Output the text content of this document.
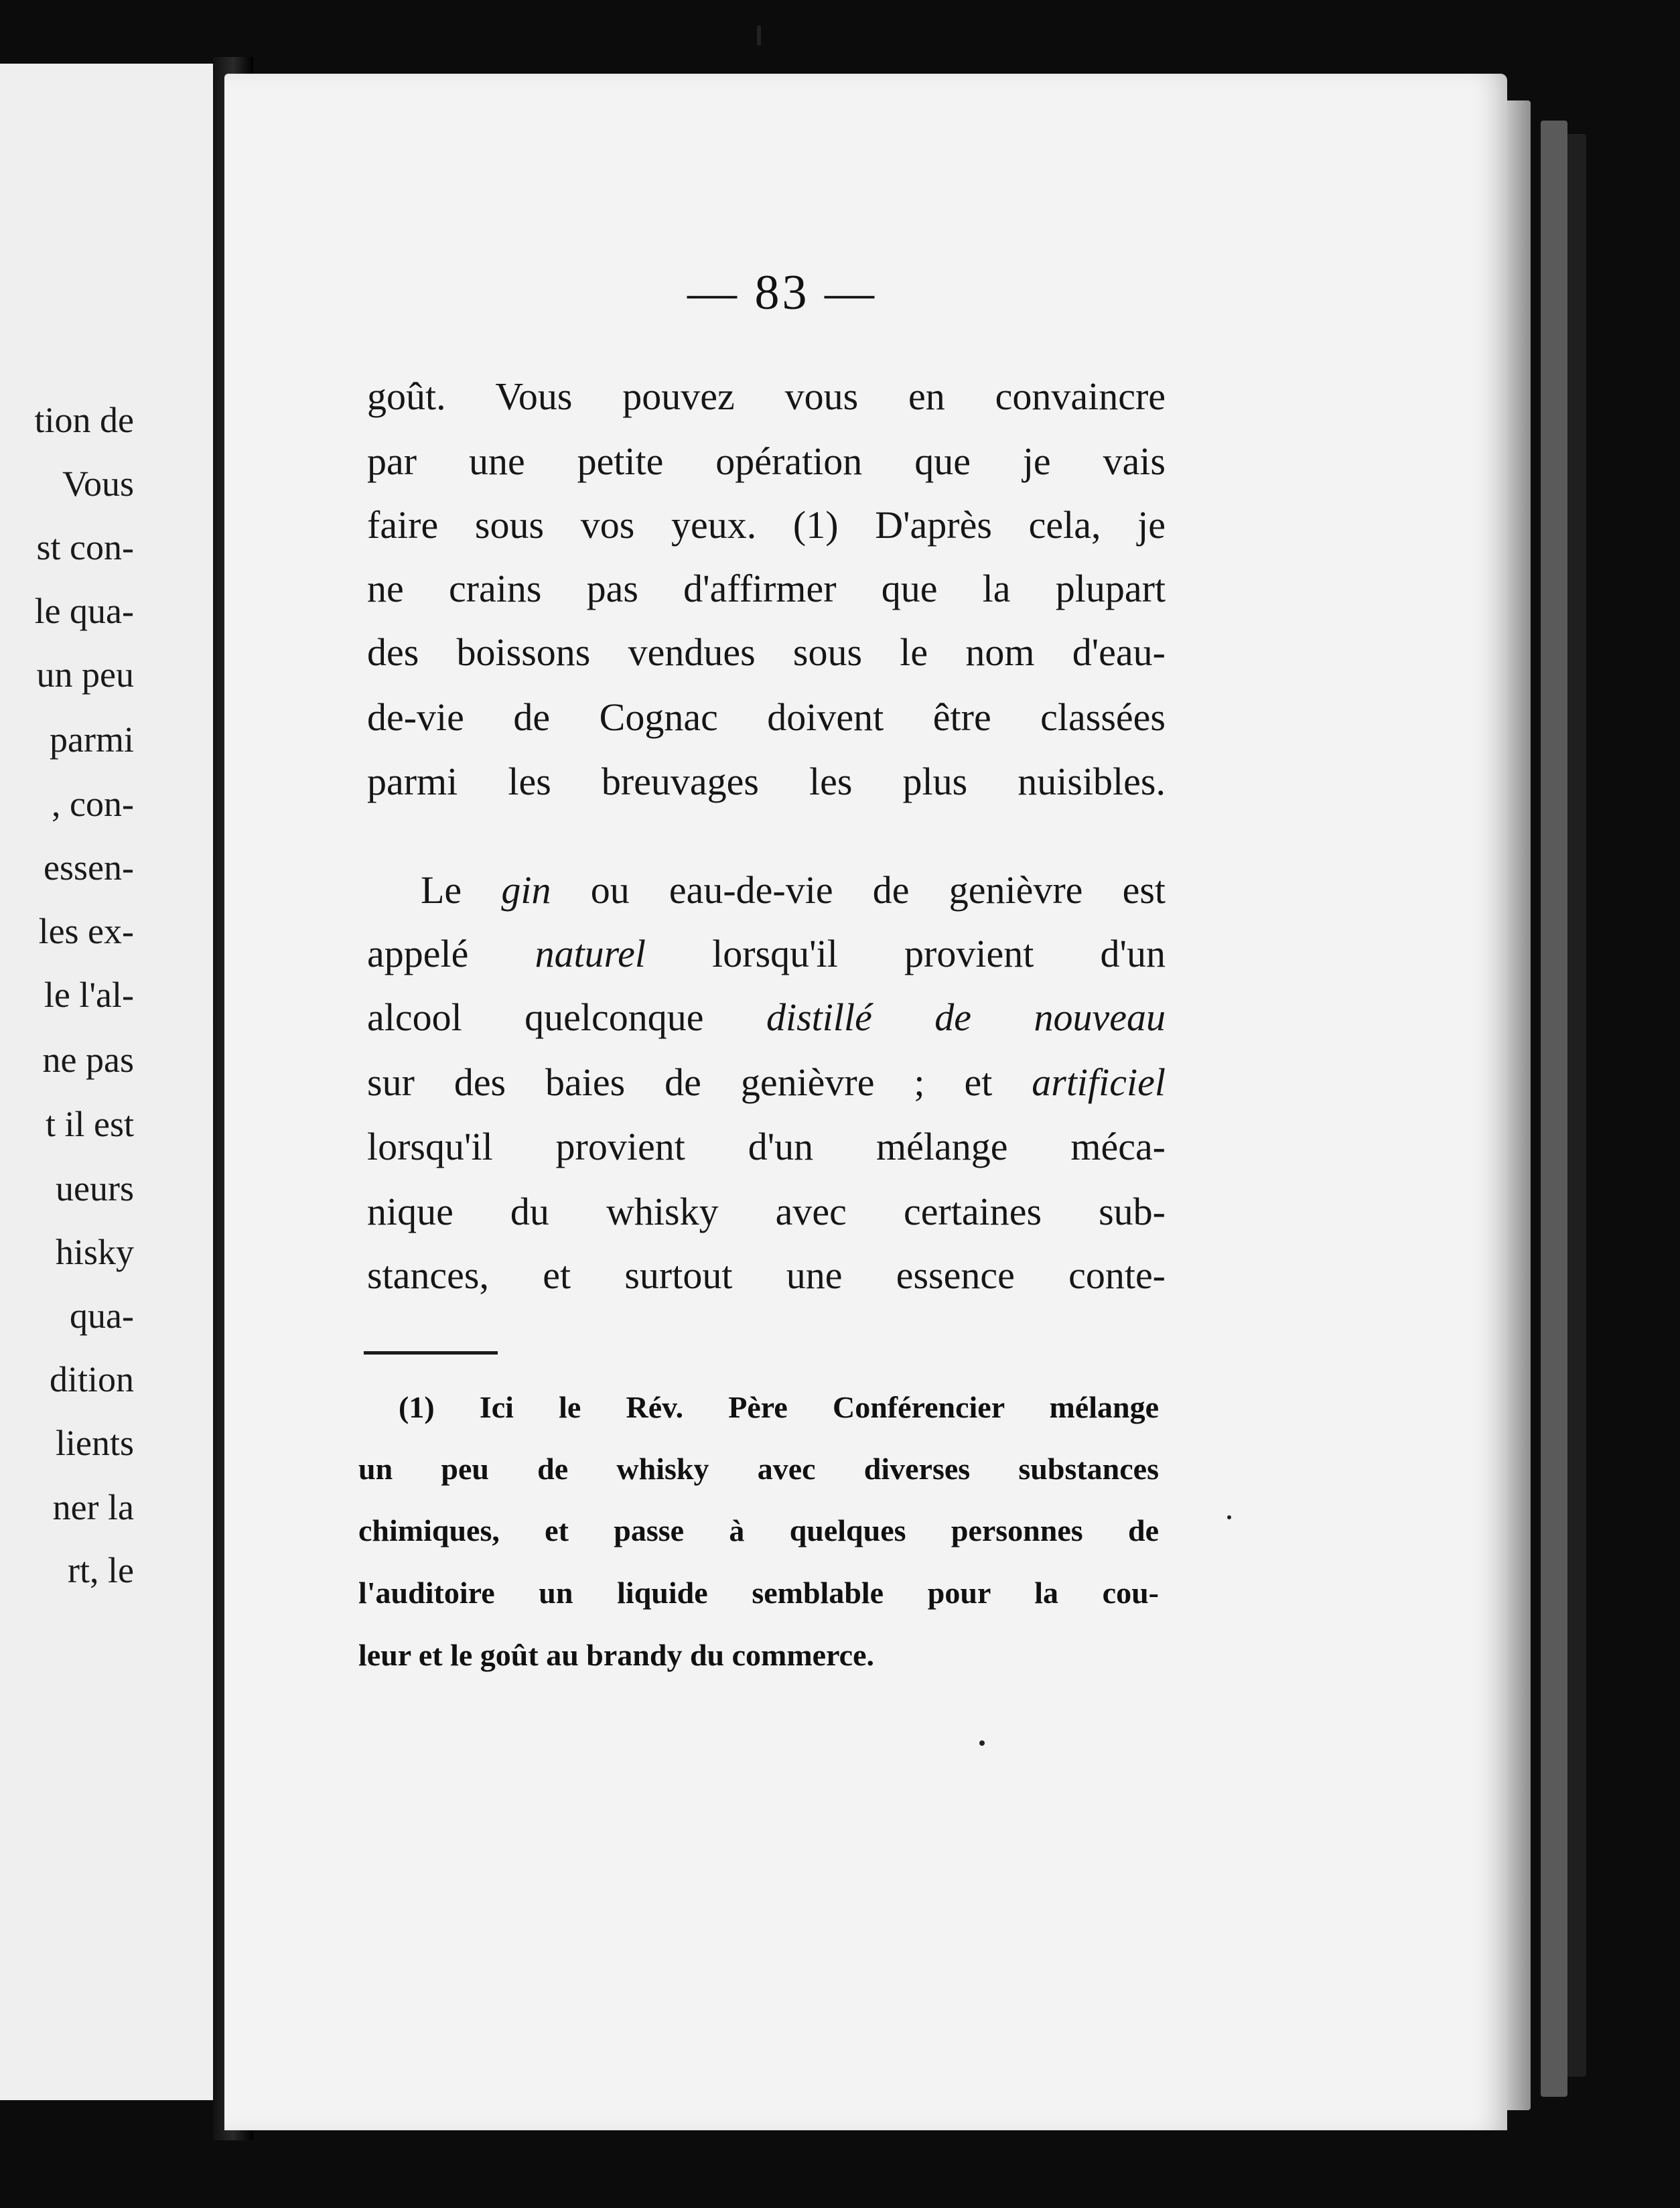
tion de
Vous
st con-
le qua-
un peu
parmi
, con-
essen-
les ex-
le l'al-
ne pas
t il est
ueurs
hisky
qua-
dition
lients
ner la
rt, le
— 83 —
goût. Vous pouvez vous en convaincre
par une petite opération que je vais
faire sous vos yeux. (1) D'après cela, je
ne crains pas d'affirmer que la plupart
des boissons vendues sous le nom d'eau-
de-vie de Cognac doivent être classées
parmi les breuvages les plus nuisibles.
Le gin ou eau-de-vie de genièvre est
appelé naturel lorsqu'il provient d'un
alcool quelconque distillé de nouveau
sur des baies de genièvre ; et artificiel
lorsqu'il provient d'un mélange méca-
nique du whisky avec certaines sub-
stances, et surtout une essence conte-
(1) Ici le Rév. Père Conférencier mélange
un peu de whisky avec diverses substances
chimiques, et passe à quelques personnes de
l'auditoire un liquide semblable pour la cou-
leur et le goût au brandy du commerce.
